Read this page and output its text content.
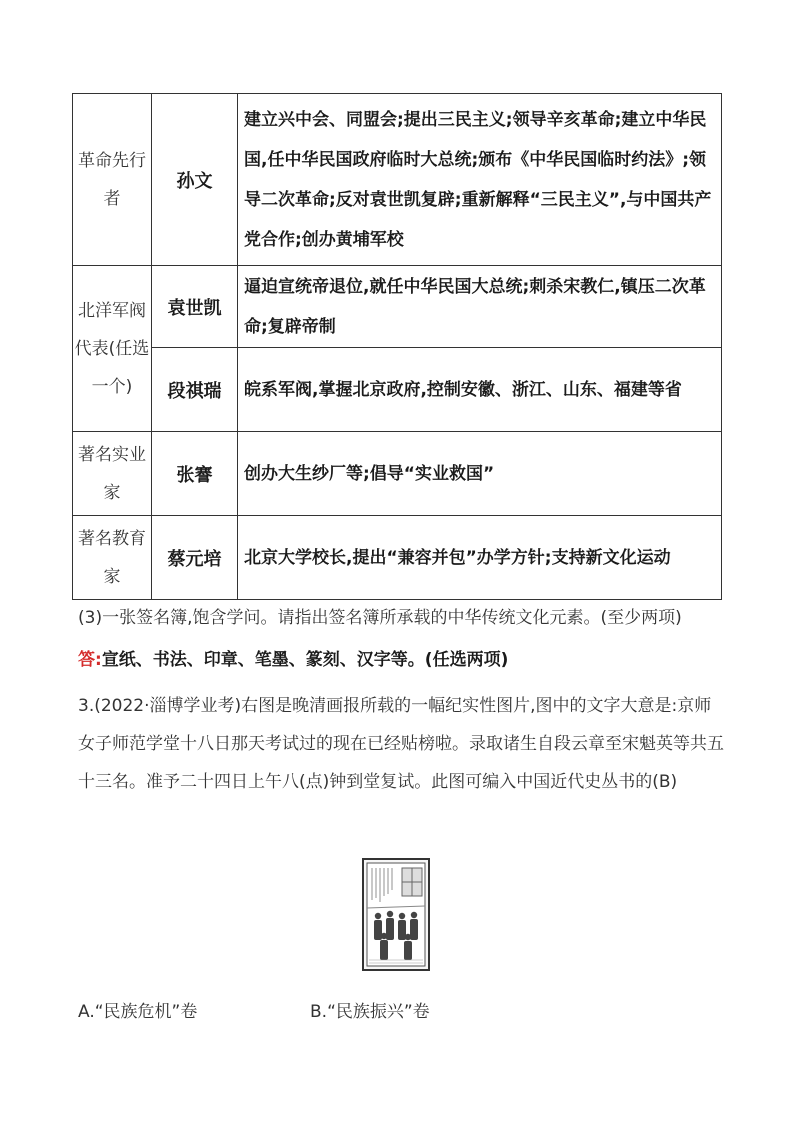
革命先行者	孙文	建立兴中会、同盟会;提出三民主义;领导辛亥革命;建立中华民国,任中华民国政府临时大总统;颁布《中华民国临时约法》;领导二次革命;反对袁世凯复辟;重新解释“三民主义”,与中国共产党合作;创办黄埔军校
北洋军阀代表(任选一个)	袁世凯	逼迫宣统帝退位,就任中华民国大总统;刺杀宋教仁,镇压二次革命;复辟帝制
	段祺瑞	皖系军阀,掌握北京政府,控制安徽、浙江、山东、福建等省
著名实业家	张謇	创办大生纱厂等;倡导“实业救国”
著名教育家	蔡元培	北京大学校长,提出“兼容并包”办学方针;支持新文化运动
(3)一张签名簿,饱含学问。请指出签名簿所承载的中华传统文化元素。(至少两项)
答:宣纸、书法、印章、笔墨、篆刻、汉字等。(任选两项)
3.(2022·淄博学业考)右图是晚清画报所载的一幅纪实性图片,图中的文字大意是:京师女子师范学堂十八日那天考试过的现在已经贴榜啦。录取诸生自段云章至宋魁英等共五十三名。准予二十四日上午八(点)钟到堂复试。此图可编入中国近代史丛书的(B)
A.“民族危机”卷	B.“民族振兴”卷
